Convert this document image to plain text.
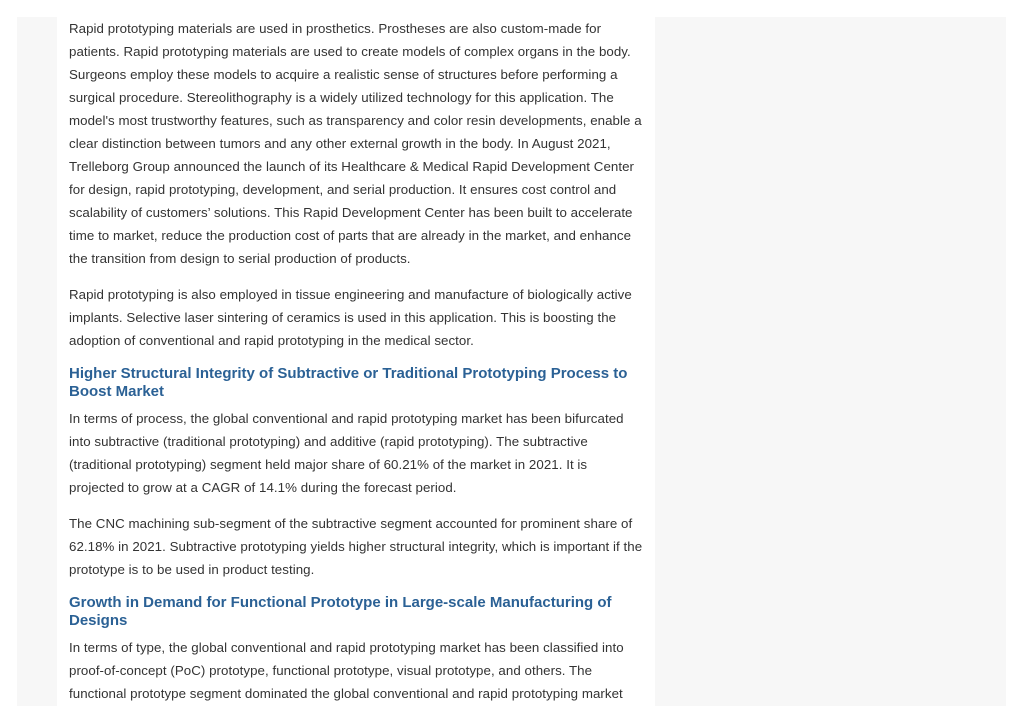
Rapid prototyping materials are used in prosthetics. Prostheses are also custom-made for patients. Rapid prototyping materials are used to create models of complex organs in the body. Surgeons employ these models to acquire a realistic sense of structures before performing a surgical procedure. Stereolithography is a widely utilized technology for this application. The model's most trustworthy features, such as transparency and color resin developments, enable a clear distinction between tumors and any other external growth in the body. In August 2021, Trelleborg Group announced the launch of its Healthcare & Medical Rapid Development Center for design, rapid prototyping, development, and serial production. It ensures cost control and scalability of customers’ solutions. This Rapid Development Center has been built to accelerate time to market, reduce the production cost of parts that are already in the market, and enhance the transition from design to serial production of products.

Rapid prototyping is also employed in tissue engineering and manufacture of biologically active implants. Selective laser sintering of ceramics is used in this application. This is boosting the adoption of conventional and rapid prototyping in the medical sector.

Higher Structural Integrity of Subtractive or Traditional Prototyping Process to Boost Market

In terms of process, the global conventional and rapid prototyping market has been bifurcated into subtractive (traditional prototyping) and additive (rapid prototyping). The subtractive (traditional prototyping) segment held major share of 60.21% of the market in 2021. It is projected to grow at a CAGR of 14.1% during the forecast period.

The CNC machining sub-segment of the subtractive segment accounted for prominent share of 62.18% in 2021. Subtractive prototyping yields higher structural integrity, which is important if the prototype is to be used in product testing.

Growth in Demand for Functional Prototype in Large-scale Manufacturing of Designs

In terms of type, the global conventional and rapid prototyping market has been classified into proof-of-concept (PoC) prototype, functional prototype, visual prototype, and others. The functional prototype segment dominated the global conventional and rapid prototyping market
